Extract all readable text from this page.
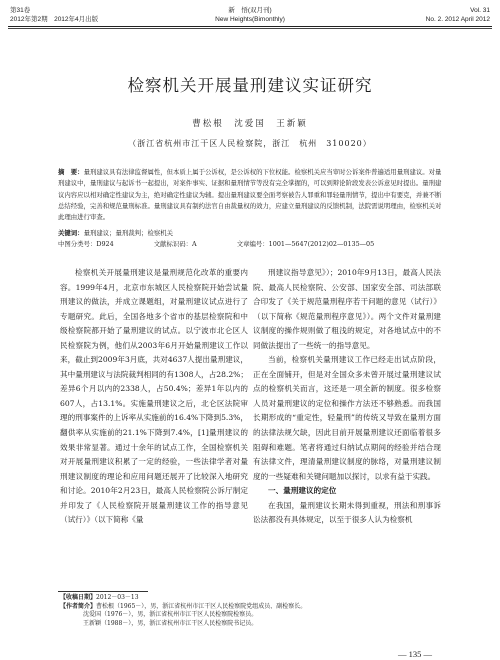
第31卷
2012年第2期　2012年4月出版
新　悟(双月刊)
New Heights(Bimonthly)
Vol. 31
No. 2. 2012 April 2012
检察机关开展量刑建议实证研究
曹松根　沈爱国　王新颖
（浙江省杭州市江干区人民检察院，浙江　杭州　310020）
摘　要：量刑建议具有法律监督属性，但本质上属于公诉权，是公诉权的下位权能。检察机关应当审时公诉案件普遍适用量刑建议。对量刑建议中，量刑建议与起诉书一起提出，对案件事实、证据和量刑情节等没有完全掌握的，可以到辩论阶段发表公诉意见时提出。量刑建议内容应以相对确定性建议为主，绝对确定性建议为辅。提出量刑建议要全面考察被告人罪重和罪轻量刑情节，提出中有要克，并兼不断总结经验，完善和规范量刑标准。量刑建议具有制约法官自由裁量权的效力，应建立量刑建议的反馈机制，法院需说明理由，检察机关对此理由进行审查。
关键词：量刑建议；量刑裁判；检察机关
中图分类号：D924	文献标识码：A	文章编号：1001—5647(2012)02—0135—05

检察机关开展量刑建议是量刑规范化改革的重要内容。1999年4月，北京市东城区人民检察院开始尝试量刑建议的做法，并成立课题组，对量刑建议试点进行了专题研究。此后，全国各地多个省市的基层检察院和中级检察院都开始了量刑建议的试点。以宁波市北仑区人民检察院为例，他们从2003年6月开始量刑建议工作以来，截止到2009年3月底，共对4637人提出量刑建议，其中量刑建议与法院裁判相同的有1308人，占28.2%；差异6个月以内的2338人，占50.4%；差异1年以内的607人，占13.1%。实施量刑建议之后，北仑区法院审理的刑事案件的上诉率从实施前的16.4%下降到5.3%，翻供率从实施前的21.1%下降到7.4%，[1]量刑建议的效果非常显著。通过十余年的试点工作，全国检察机关对开展量刑建议积累了一定的经验，一些法律学者对量刑建议制度的理论和应用问题还展开了比较深入地研究和讨论。2010年2月23日，最高人民检察院公诉厅制定并印发了《人民检察院开展量刑建议工作的指导意见（试行）》（以下简称《量

刑建议指导意见》）；2010年9月13日，最高人民法院、最高人民检察院、公安部、国家安全部、司法部联合印发了《关于规范量刑程序若干问题的意见（试行）》（以下简称《规范量刑程序意见》）。两个文件对量刑建议制度的操作规则做了粗浅的规定，对各地试点中的不同做法提出了一些统一的指导意见。

当前，检察机关量刑建议工作已经走出试点阶段，正在全面铺开，但是对全国众多未曾开展过量刑建议试点的检察机关而言，这还是一项全新的制度。很多检察人员对量刑建议的定位和操作方法还不够熟悉。而我国长期形成的“重定性，轻量刑”的传统又导致在量刑方面的法律法规欠缺，因此目前开展量刑建议还面临着很多阻碍和难题。笔者将通过归纳试点期间的经验并结合现有法律文件，理清量刑建议制度的脉络，对量刑建议制度的一些疑难和关键问题加以探讨，以求有益于实践。

一、量刑建议的定位

在我国，量刑建议长期未得到重视，刑法和刑事诉讼法都没有具体规定，以至于很多人认为检察机

【收稿日期】2012－03－13
【作者简介】曹松根（1965－），男，浙江省杭州市江干区人民检察院党组成员、副检察长。
沈爱国（1976－），男，浙江省杭州市江干区人民检察院检察员。
王新颖（1988－），男，浙江省杭州市江干区人民检察院书记员。
— 135 —
